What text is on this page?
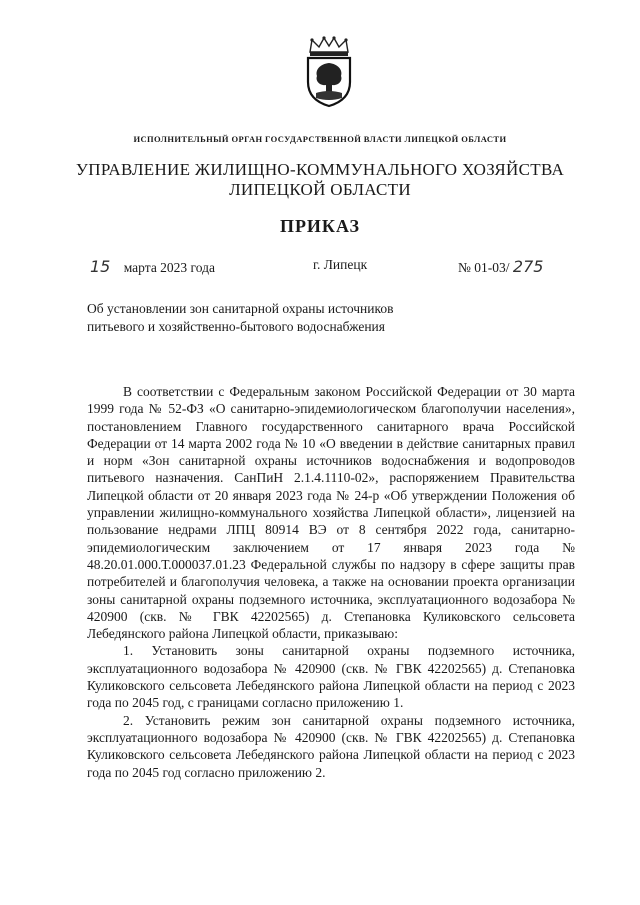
ИСПОЛНИТЕЛЬНЫЙ ОРГАН ГОСУДАРСТВЕННОЙ ВЛАСТИ ЛИПЕЦКОЙ ОБЛАСТИ
УПРАВЛЕНИЕ ЖИЛИЩНО-КОММУНАЛЬНОГО ХОЗЯЙСТВА
ЛИПЕЦКОЙ ОБЛАСТИ
ПРИКАЗ
15 марта 2023 года	г. Липецк	№ 01-03/ 275
Об установлении зон санитарной охраны источников питьевого и хозяйственно-бытового водоснабжения

В соответствии с Федеральным законом Российской Федерации от 30 марта 1999 года № 52-ФЗ «О санитарно-эпидемиологическом благополучии населения», постановлением Главного государственного санитарного врача Российской Федерации от 14 марта 2002 года № 10 «О введении в действие санитарных правил и норм «Зон санитарной охраны источников водоснабжения и водопроводов питьевого назначения. СанПиН 2.1.4.1110-02», распоряжением Правительства Липецкой области от 20 января 2023 года № 24-р «Об утверждении Положения об управлении жилищно-коммунального хозяйства Липецкой области», лицензией на пользование недрами ЛПЦ 80914 ВЭ от 8 сентября 2022 года, санитарно-эпидемиологическим заключением от 17 января 2023 года № 48.20.01.000.Т.000037.01.23 Федеральной службы по надзору в сфере защиты прав потребителей и благополучия человека, а также на основании проекта организации зоны санитарной охраны подземного источника, эксплуатационного водозабора № 420900 (скв. № ГВК 42202565) д. Степановка Куликовского сельсовета Лебедянского района Липецкой области, приказываю:

1. Установить зоны санитарной охраны подземного источника, эксплуатационного водозабора № 420900 (скв. № ГВК 42202565) д. Степановка Куликовского сельсовета Лебедянского района Липецкой области на период с 2023 года по 2045 год, с границами согласно приложению 1.

2. Установить режим зон санитарной охраны подземного источника, эксплуатационного водозабора № 420900 (скв. № ГВК 42202565) д. Степановка Куликовского сельсовета Лебедянского района Липецкой области на период с 2023 года по 2045 год согласно приложению 2.
